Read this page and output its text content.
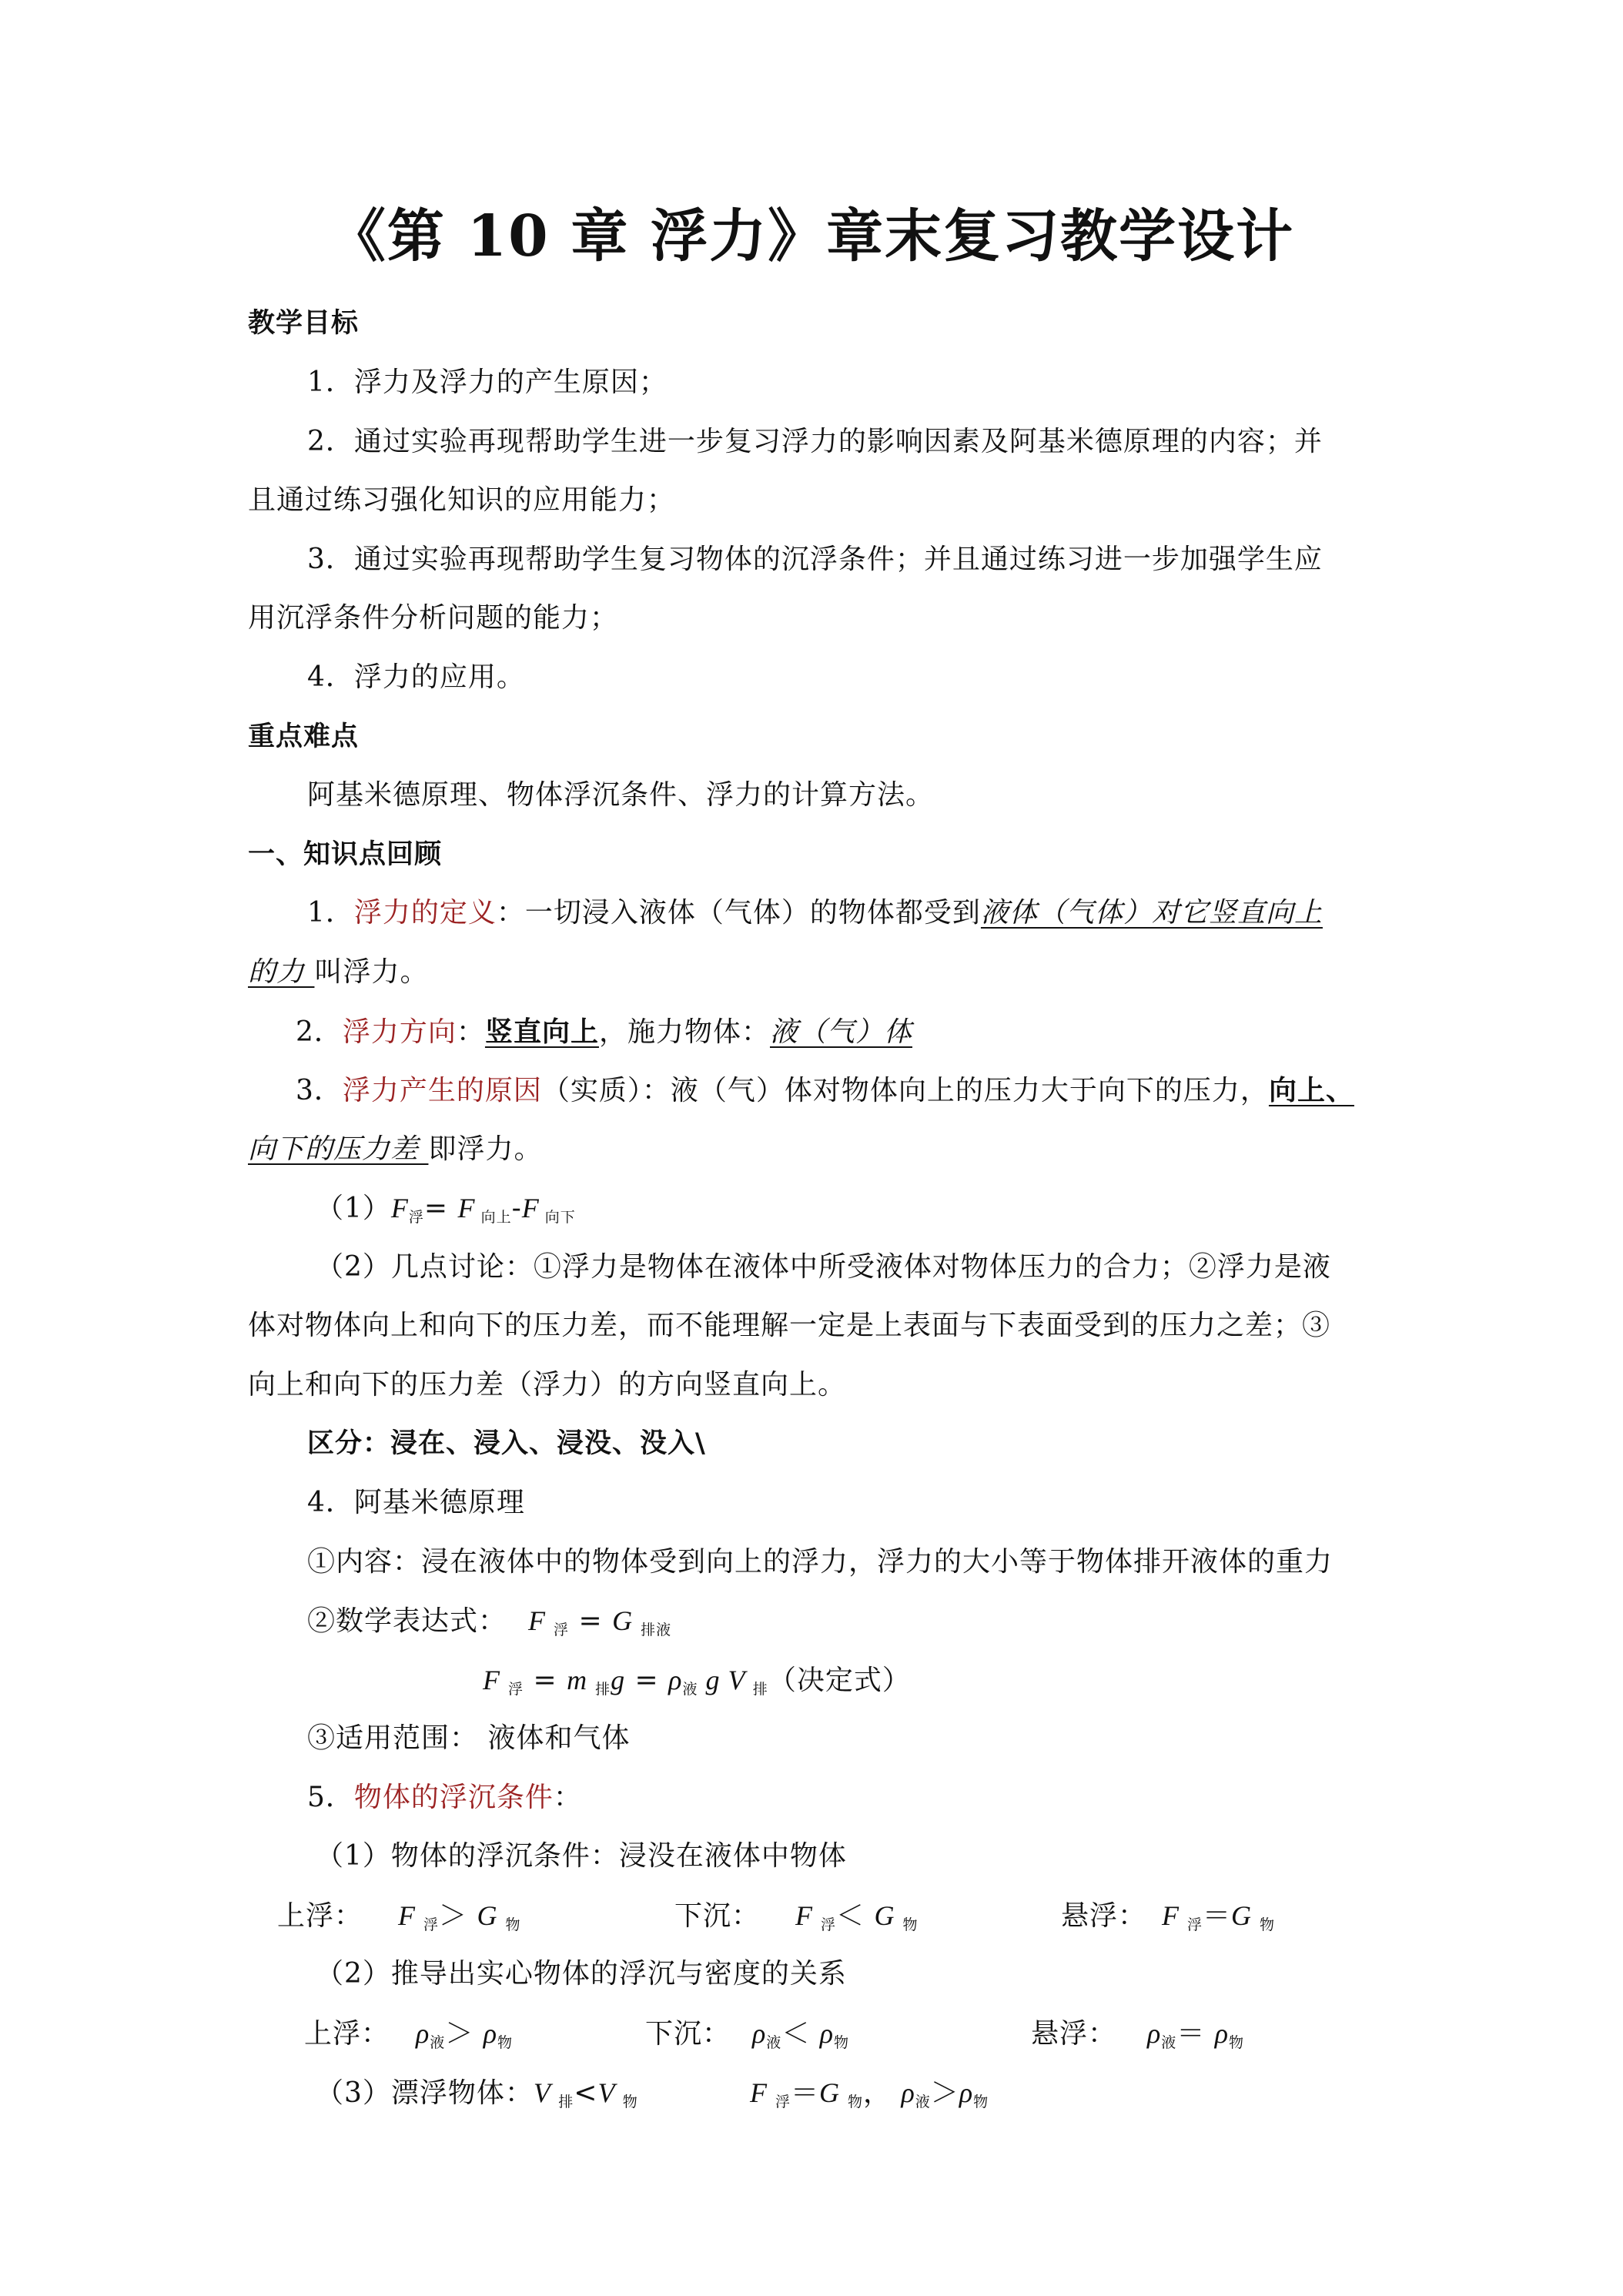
《第 10 章 浮力》章末复习教学设计
教学目标
1．浮力及浮力的产生原因；
2．通过实验再现帮助学生进一步复习浮力的影响因素及阿基米德原理的内容；并
且通过练习强化知识的应用能力；
3．通过实验再现帮助学生复习物体的沉浮条件；并且通过练习进一步加强学生应
用沉浮条件分析问题的能力；
4．浮力的应用。
重点难点
阿基米德原理、物体浮沉条件、浮力的计算方法。
一、知识点回顾
1．浮力的定义：一切浸入液体（气体）的物体都受到液体（气体）对它竖直向上
的力 叫浮力。
2．浮力方向：竖直向上，施力物体：液（气）体
3．浮力产生的原因（实质）：液（气）体对物体向上的压力大于向下的压力，向上、
向下的压力差 即浮力。
$(1)F_浮= F$ $_{向上}$-F $_{向下}$
（2）几点讨论：①浮力是物体在液体中所受液体对物体压力的合力；②浮力是液
体对物体向上和向下的压力差，而不能理解一定是上表面与下表面受到的压力之差；③
向上和向下的压力差（浮力）的方向竖直向上。
区分：浸在、浸入、浸没、没入\
4．阿基米德原理
①内容：浸在液体中的物体受到向上的浮力，浮力的大小等于物体排开液体的重力
②数学表达式： F $_浮$ = G $_{排液}$
F $_浮$ = m $_排g = \rho_液$ g V $_排$（决定式）
③适用范围： 液体和气体
5．物体的浮沉条件：
（1）物体的浮沉条件：浸没在液体中物体
上浮： F $_浮$＞ G $_物$	下沉： F $_浮$＜ G $_物$	悬浮： F $_浮$＝G $_物$
（2）推导出实心物体的浮沉与密度的关系
上浮： $\rho_液> \rho_物$	下沉： $\rho_液< \rho_物$	悬浮： $\rho_液= \rho_物$
（3）漂浮物体：V $_排$<V $_物$	F $_浮$＝G $_物$， $\rho_液>\rho_物$
